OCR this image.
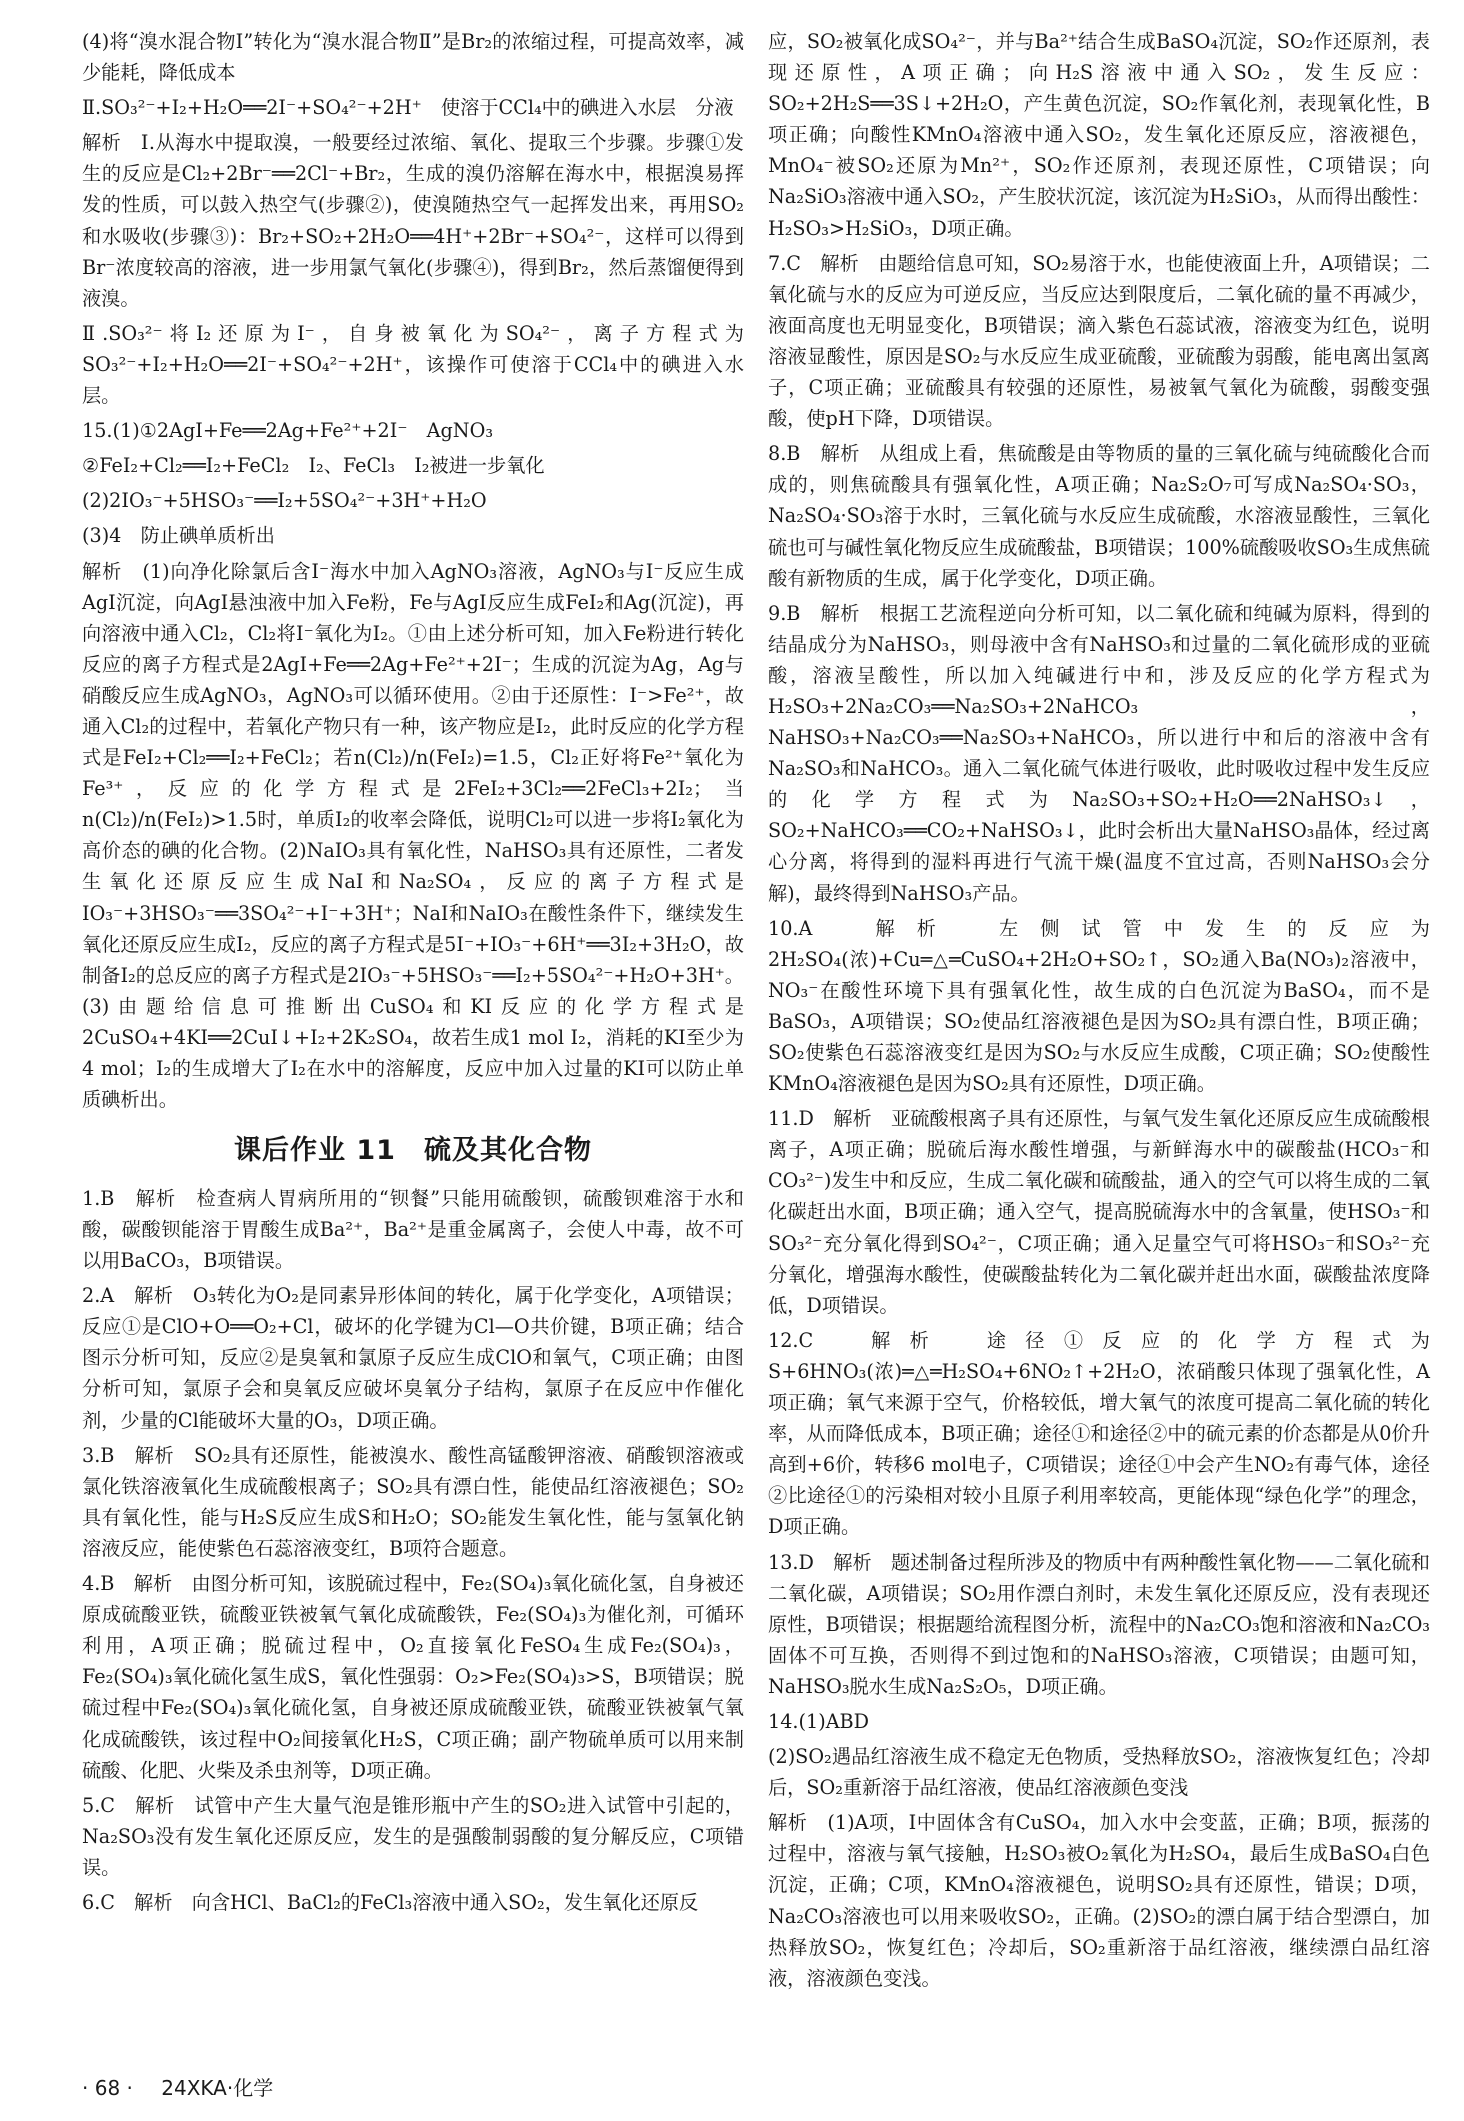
(4)将“溴水混合物Ⅰ”转化为“溴水混合物Ⅱ”是Br₂的浓缩过程，可提高效率，减少能耗，降低成本

Ⅱ.SO₃²⁻+I₂+H₂O══2I⁻+SO₄²⁻+2H⁺　使溶于CCl₄中的碘进入水层　分液

解析　Ⅰ.从海水中提取溴，一般要经过浓缩、氧化、提取三个步骤。步骤①发生的反应是Cl₂+2Br⁻══2Cl⁻+Br₂，生成的溴仍溶解在海水中，根据溴易挥发的性质，可以鼓入热空气(步骤②)，使溴随热空气一起挥发出来，再用SO₂和水吸收(步骤③)：Br₂+SO₂+2H₂O══4H⁺+2Br⁻+SO₄²⁻，这样可以得到Br⁻浓度较高的溶液，进一步用氯气氧化(步骤④)，得到Br₂，然后蒸馏便得到液溴。

Ⅱ.SO₃²⁻将I₂还原为I⁻，自身被氧化为SO₄²⁻，离子方程式为SO₃²⁻+I₂+H₂O══2I⁻+SO₄²⁻+2H⁺，该操作可使溶于CCl₄中的碘进入水层。

15.(1)①2AgI+Fe══2Ag+Fe²⁺+2I⁻　AgNO₃

②FeI₂+Cl₂══I₂+FeCl₂　I₂、FeCl₃　I₂被进一步氧化

(2)2IO₃⁻+5HSO₃⁻══I₂+5SO₄²⁻+3H⁺+H₂O

(3)4　防止碘单质析出

解析　(1)向净化除氯后含I⁻海水中加入AgNO₃溶液，AgNO₃与I⁻反应生成AgI沉淀，向AgI悬浊液中加入Fe粉，Fe与AgI反应生成FeI₂和Ag(沉淀)，再向溶液中通入Cl₂，Cl₂将I⁻氧化为I₂。①由上述分析可知，加入Fe粉进行转化反应的离子方程式是2AgI+Fe══2Ag+Fe²⁺+2I⁻；生成的沉淀为Ag，Ag与硝酸反应生成AgNO₃，AgNO₃可以循环使用。②由于还原性：I⁻>Fe²⁺，故通入Cl₂的过程中，若氧化产物只有一种，该产物应是I₂，此时反应的化学方程式是FeI₂+Cl₂══I₂+FeCl₂；若n(Cl₂)/n(FeI₂)=1.5，Cl₂正好将Fe²⁺氧化为Fe³⁺，反应的化学方程式是2FeI₂+3Cl₂══2FeCl₃+2I₂；当n(Cl₂)/n(FeI₂)>1.5时，单质I₂的收率会降低，说明Cl₂可以进一步将I₂氧化为高价态的碘的化合物。(2)NaIO₃具有氧化性，NaHSO₃具有还原性，二者发生氧化还原反应生成NaI和Na₂SO₄，反应的离子方程式是IO₃⁻+3HSO₃⁻══3SO₄²⁻+I⁻+3H⁺；NaI和NaIO₃在酸性条件下，继续发生氧化还原反应生成I₂，反应的离子方程式是5I⁻+IO₃⁻+6H⁺══3I₂+3H₂O，故制备I₂的总反应的离子方程式是2IO₃⁻+5HSO₃⁻══I₂+5SO₄²⁻+H₂O+3H⁺。(3)由题给信息可推断出CuSO₄和KI反应的化学方程式是2CuSO₄+4KI══2CuI↓+I₂+2K₂SO₄，故若生成1 mol I₂，消耗的KI至少为4 mol；I₂的生成增大了I₂在水中的溶解度，反应中加入过量的KI可以防止单质碘析出。

课后作业 11　硫及其化合物

1.B　解析　检查病人胃病所用的“钡餐”只能用硫酸钡，硫酸钡难溶于水和酸，碳酸钡能溶于胃酸生成Ba²⁺，Ba²⁺是重金属离子，会使人中毒，故不可以用BaCO₃，B项错误。

2.A　解析　O₃转化为O₂是同素异形体间的转化，属于化学变化，A项错误；反应①是ClO+O══O₂+Cl，破坏的化学键为Cl—O共价键，B项正确；结合图示分析可知，反应②是臭氧和氯原子反应生成ClO和氧气，C项正确；由图分析可知，氯原子会和臭氧反应破坏臭氧分子结构，氯原子在反应中作催化剂，少量的Cl能破坏大量的O₃，D项正确。

3.B　解析　SO₂具有还原性，能被溴水、酸性高锰酸钾溶液、硝酸钡溶液或氯化铁溶液氧化生成硫酸根离子；SO₂具有漂白性，能使品红溶液褪色；SO₂具有氧化性，能与H₂S反应生成S和H₂O；SO₂能发生氧化性，能与氢氧化钠溶液反应，能使紫色石蕊溶液变红，B项符合题意。

4.B　解析　由图分析可知，该脱硫过程中，Fe₂(SO₄)₃氧化硫化氢，自身被还原成硫酸亚铁，硫酸亚铁被氧气氧化成硫酸铁，Fe₂(SO₄)₃为催化剂，可循环利用，A项正确；脱硫过程中，O₂直接氧化FeSO₄生成Fe₂(SO₄)₃，Fe₂(SO₄)₃氧化硫化氢生成S，氧化性强弱：O₂>Fe₂(SO₄)₃>S，B项错误；脱硫过程中Fe₂(SO₄)₃氧化硫化氢，自身被还原成硫酸亚铁，硫酸亚铁被氧气氧化成硫酸铁，该过程中O₂间接氧化H₂S，C项正确；副产物硫单质可以用来制硫酸、化肥、火柴及杀虫剂等，D项正确。

5.C　解析　试管中产生大量气泡是锥形瓶中产生的SO₂进入试管中引起的，Na₂SO₃没有发生氧化还原反应，发生的是强酸制弱酸的复分解反应，C项错误。

6.C　解析　向含HCl、BaCl₂的FeCl₃溶液中通入SO₂，发生氧化还原反

应，SO₂被氧化成SO₄²⁻，并与Ba²⁺结合生成BaSO₄沉淀，SO₂作还原剂，表现还原性，A项正确；向H₂S溶液中通入SO₂，发生反应：SO₂+2H₂S══3S↓+2H₂O，产生黄色沉淀，SO₂作氧化剂，表现氧化性，B项正确；向酸性KMnO₄溶液中通入SO₂，发生氧化还原反应，溶液褪色，MnO₄⁻被SO₂还原为Mn²⁺，SO₂作还原剂，表现还原性，C项错误；向Na₂SiO₃溶液中通入SO₂，产生胶状沉淀，该沉淀为H₂SiO₃，从而得出酸性：H₂SO₃>H₂SiO₃，D项正确。

7.C　解析　由题给信息可知，SO₂易溶于水，也能使液面上升，A项错误；二氧化硫与水的反应为可逆反应，当反应达到限度后，二氧化硫的量不再减少，液面高度也无明显变化，B项错误；滴入紫色石蕊试液，溶液变为红色，说明溶液显酸性，原因是SO₂与水反应生成亚硫酸，亚硫酸为弱酸，能电离出氢离子，C项正确；亚硫酸具有较强的还原性，易被氧气氧化为硫酸，弱酸变强酸，使pH下降，D项错误。

8.B　解析　从组成上看，焦硫酸是由等物质的量的三氧化硫与纯硫酸化合而成的，则焦硫酸具有强氧化性，A项正确；Na₂S₂O₇可写成Na₂SO₄·SO₃，Na₂SO₄·SO₃溶于水时，三氧化硫与水反应生成硫酸，水溶液显酸性，三氧化硫也可与碱性氧化物反应生成硫酸盐，B项错误；100%硫酸吸收SO₃生成焦硫酸有新物质的生成，属于化学变化，D项正确。

9.B　解析　根据工艺流程逆向分析可知，以二氧化硫和纯碱为原料，得到的结晶成分为NaHSO₃，则母液中含有NaHSO₃和过量的二氧化硫形成的亚硫酸，溶液呈酸性，所以加入纯碱进行中和，涉及反应的化学方程式为H₂SO₃+2Na₂CO₃══Na₂SO₃+2NaHCO₃，NaHSO₃+Na₂CO₃══Na₂SO₃+NaHCO₃，所以进行中和后的溶液中含有Na₂SO₃和NaHCO₃。通入二氧化硫气体进行吸收，此时吸收过程中发生反应的化学方程式为Na₂SO₃+SO₂+H₂O══2NaHSO₃↓，SO₂+NaHCO₃══CO₂+NaHSO₃↓，此时会析出大量NaHSO₃晶体，经过离心分离，将得到的湿料再进行气流干燥(温度不宜过高，否则NaHSO₃会分解)，最终得到NaHSO₃产品。

10.A　解析　左侧试管中发生的反应为2H₂SO₄(浓)+Cu═△═CuSO₄+2H₂O+SO₂↑，SO₂通入Ba(NO₃)₂溶液中，NO₃⁻在酸性环境下具有强氧化性，故生成的白色沉淀为BaSO₄，而不是BaSO₃，A项错误；SO₂使品红溶液褪色是因为SO₂具有漂白性，B项正确；SO₂使紫色石蕊溶液变红是因为SO₂与水反应生成酸，C项正确；SO₂使酸性KMnO₄溶液褪色是因为SO₂具有还原性，D项正确。

11.D　解析　亚硫酸根离子具有还原性，与氧气发生氧化还原反应生成硫酸根离子，A项正确；脱硫后海水酸性增强，与新鲜海水中的碳酸盐(HCO₃⁻和CO₃²⁻)发生中和反应，生成二氧化碳和硫酸盐，通入的空气可以将生成的二氧化碳赶出水面，B项正确；通入空气，提高脱硫海水中的含氧量，使HSO₃⁻和SO₃²⁻充分氧化得到SO₄²⁻，C项正确；通入足量空气可将HSO₃⁻和SO₃²⁻充分氧化，增强海水酸性，使碳酸盐转化为二氧化碳并赶出水面，碳酸盐浓度降低，D项错误。

12.C　解析　途径①反应的化学方程式为S+6HNO₃(浓)═△═H₂SO₄+6NO₂↑+2H₂O，浓硝酸只体现了强氧化性，A项正确；氧气来源于空气，价格较低，增大氧气的浓度可提高二氧化硫的转化率，从而降低成本，B项正确；途径①和途径②中的硫元素的价态都是从0价升高到+6价，转移6 mol电子，C项错误；途径①中会产生NO₂有毒气体，途径②比途径①的污染相对较小且原子利用率较高，更能体现“绿色化学”的理念，D项正确。

13.D　解析　题述制备过程所涉及的物质中有两种酸性氧化物——二氧化硫和二氧化碳，A项错误；SO₂用作漂白剂时，未发生氧化还原反应，没有表现还原性，B项错误；根据题给流程图分析，流程中的Na₂CO₃饱和溶液和Na₂CO₃固体不可互换，否则得不到过饱和的NaHSO₃溶液，C项错误；由题可知，NaHSO₃脱水生成Na₂S₂O₅，D项正确。

14.(1)ABD

(2)SO₂遇品红溶液生成不稳定无色物质，受热释放SO₂，溶液恢复红色；冷却后，SO₂重新溶于品红溶液，使品红溶液颜色变浅

解析　(1)A项，Ⅰ中固体含有CuSO₄，加入水中会变蓝，正确；B项，振荡的过程中，溶液与氧气接触，H₂SO₃被O₂氧化为H₂SO₄，最后生成BaSO₄白色沉淀，正确；C项，KMnO₄溶液褪色，说明SO₂具有还原性，错误；D项，Na₂CO₃溶液也可以用来吸收SO₂，正确。(2)SO₂的漂白属于结合型漂白，加热释放SO₂，恢复红色；冷却后，SO₂重新溶于品红溶液，继续漂白品红溶液，溶液颜色变浅。

· 68 · 24XKA·化学
